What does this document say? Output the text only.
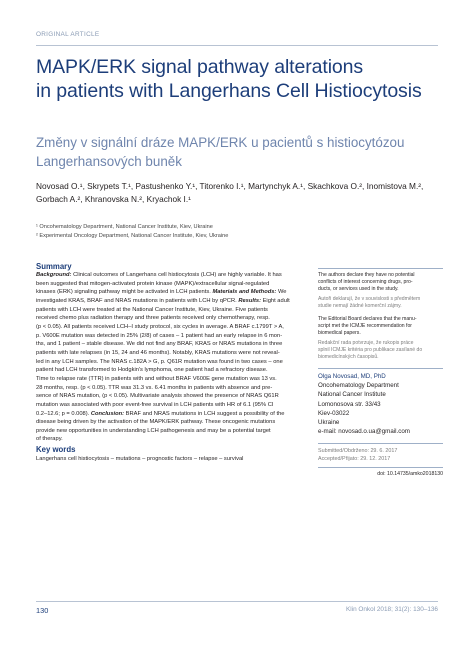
ORIGINAL ARTICLE
MAPK/ERK signal pathway alterations
in patients with Langerhans Cell Histiocytosis
Změny v signální dráze MAPK/ERK u pacientů s histiocytózou
Langerhansových buněk
Novosad O.¹, Skrypets T.¹, Pastushenko Y.¹, Titorenko I.¹, Martynchyk A.¹, Skachkova O.², Inomistova M.²,
Gorbach A.², Khranovska N.², Kryachok I.¹
¹ Oncohematology Department, National Cancer Institute, Kiev, Ukraine
² Experimental Oncology Department, National Cancer Institute, Kiev, Ukraine
Summary
Background: Clinical outcomes of Langerhans cell histiocytosis (LCH) are highly variable. It has
been suggested that mitogen-activated protein kinase (MAPK)/extracellular signal-regulated
kinases (ERK) signaling pathway might be activated in LCH patients. Materials and Methods: We
investigated KRAS, BRAF and NRAS mutations in patients with LCH by qPCR. Results: Eight adult
patients with LCH were treated at the National Cancer Institute, Kiev, Ukraine. Five patients
received chemo plus radiation therapy and three patients received only chemotherapy, resp.
(p < 0.05). All patients received LCH–I study protocol, six cycles in average. A BRAF c.1799T > A,
p. V600E mutation was detected in 25% (2/8) of cases – 1 patient had an early relapse in 6 mon-
ths, and 1 patient – stable disease. We did not find any BRAF, KRAS or NRAS mutations in three
patients with late relapses (in 15, 24 and 46 months). Notably, KRAS mutations were not reveal-
led in any LCH samples. The NRAS c.182A > G, p. Q61R mutation was found in two cases – one
patient had LCH transformed to Hodgkin's lymphoma, one patient had a refractory disease.
Time to relapse rate (TTR) in patients with and without BRAF V600E gene mutation was 13 vs.
28 months, resp. (p < 0.05). TTR was 31.3 vs. 6.41 months in patients with absence and pre-
sence of NRAS mutation, (p < 0.05). Multivariate analysis showed the presence of NRAS Q61R
mutation was associated with poor event-free survival in LCH patients with HR of 6.1 (95% CI
0.2–12.6; p = 0.008). Conclusion: BRAF and NRAS mutations in LCH suggest a possibility of the
disease being driven by the activation of the MAPK/ERK pathway. These oncogenic mutations
provide new opportunities in understanding LCH pathogenesis and may be a potential target
of therapy.
Key words
Langerhans cell histiocytosis – mutations – prognostic factors – relapse – survival
The authors declare they have no potential
conflicts of interest concerning drugs, pro-
ducts, or services used in the study.
Autoři deklarují, že v souvislosti s předmětem
studie nemají žádné komerční zájmy.
The Editorial Board declares that the manu-
script met the ICMJE recommendation for
biomedical papers.
Redakční rada potvrzuje, že rukopis práce
splnil ICMJE kritéria pro publikace zasílané do
biomedicínských časopisů.
Olga Novosad, MD, PhD
Oncohematology Department
National Cancer Institute
Lomonosova str. 33/43
Kiev-03022
Ukraine
e-mail: novosad.o.ua@gmail.com
Submitted/Obdrženo: 29. 6. 2017
Accepted/Přijato: 29. 12. 2017
doi: 10.14735/amko2018130
130	Klin Onkol 2018; 31(2): 130–136
